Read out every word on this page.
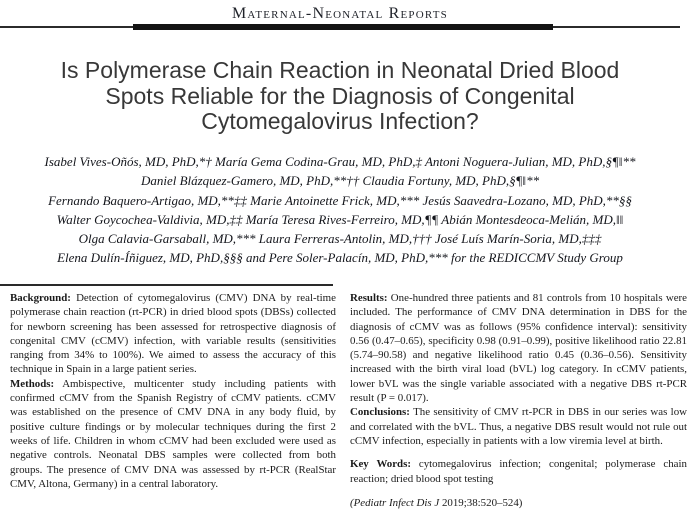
Maternal-Neonatal Reports
Is Polymerase Chain Reaction in Neonatal Dried Blood
Spots Reliable for the Diagnosis of Congenital
Cytomegalovirus Infection?
Isabel Vives-Oñós, MD, PhD,*† María Gema Codina-Grau, MD, PhD,‡ Antoni Noguera-Julian, MD, PhD,§¶‖**
Daniel Blázquez-Gamero, MD, PhD,**†† Claudia Fortuny, MD, PhD,§¶‖**
Fernando Baquero-Artigao, MD,**‡‡ Marie Antoinette Frick, MD,*** Jesús Saavedra-Lozano, MD, PhD,**§§
Walter Goycochea-Valdivia, MD,‡‡ María Teresa Rives-Ferreiro, MD,¶¶ Abián Montesdeoca-Melián, MD,‖‖
Olga Calavia-Garsaball, MD,*** Laura Ferreras-Antolin, MD,††† José Luís Marín-Soria, MD,‡‡‡
Elena Dulín-Íñiguez, MD, PhD,§§§ and Pere Soler-Palacín, MD, PhD,*** for the REDICCMV Study Group

Background: Detection of cytomegalovirus (CMV) DNA by real-time polymerase chain reaction (rt-PCR) in dried blood spots (DBSs) collected for newborn screening has been assessed for retrospective diagnosis of congenital CMV (cCMV) infection, with variable results (sensitivities ranging from 34% to 100%). We aimed to assess the accuracy of this technique in Spain in a large patient series.

Methods: Ambispective, multicenter study including patients with confirmed cCMV from the Spanish Registry of cCMV patients. cCMV was established on the presence of CMV DNA in any body fluid, by positive culture findings or by molecular techniques during the first 2 weeks of life. Children in whom cCMV had been excluded were used as negative controls. Neonatal DBS samples were collected from both groups. The presence of CMV DNA was assessed by rt-PCR (RealStar CMV, Altona, Germany) in a central laboratory.

Results: One-hundred three patients and 81 controls from 10 hospitals were included. The performance of CMV DNA determination in DBS for the diagnosis of cCMV was as follows (95% confidence interval): sensitivity 0.56 (0.47–0.65), specificity 0.98 (0.91–0.99), positive likelihood ratio 22.81 (5.74–90.58) and negative likelihood ratio 0.45 (0.36–0.56). Sensitivity increased with the birth viral load (bVL) log category. In cCMV patients, lower bVL was the single variable associated with a negative DBS rt-PCR result (P = 0.017).

Conclusions: The sensitivity of CMV rt-PCR in DBS in our series was low and correlated with the bVL. Thus, a negative DBS result would not rule out cCMV infection, especially in patients with a low viremia level at birth.

Key Words: cytomegalovirus infection; congenital; polymerase chain reaction; dried blood spot testing

(Pediatr Infect Dis J 2019;38:520–524)
